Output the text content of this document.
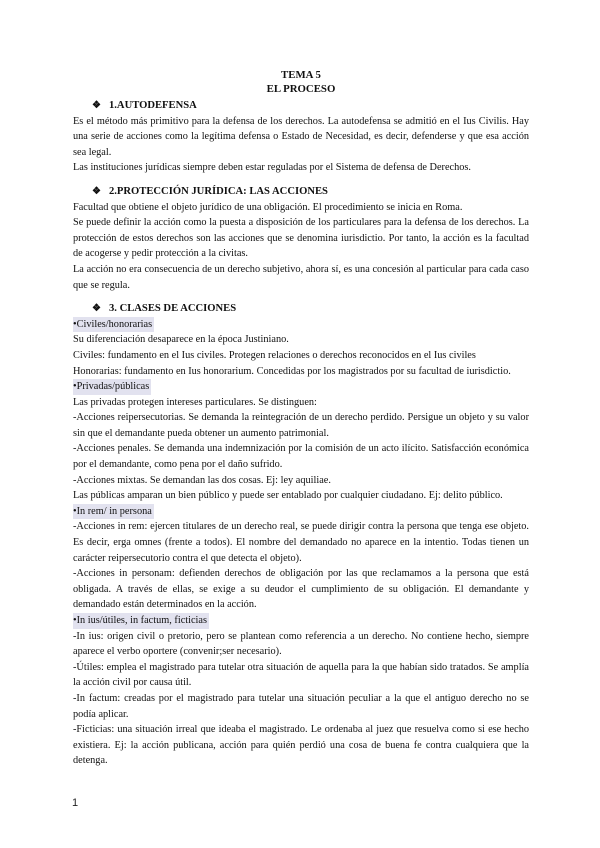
TEMA 5
EL PROCESO
❖ 1.AUTODEFENSA

Es el método más primitivo para la defensa de los derechos. La autodefensa se admitió en el Ius Civilis. Hay una serie de acciones como la legítima defensa o Estado de Necesidad, es decir, defenderse y que esa acción sea legal.

Las instituciones jurídicas siempre deben estar reguladas por el Sistema de defensa de Derechos.

❖ 2.PROTECCIÓN JURÍDICA: LAS ACCIONES

Facultad que obtiene el objeto jurídico de una obligación. El procedimiento se inicia en Roma.

Se puede definir la acción como la puesta a disposición de los particulares para la defensa de los derechos. La protección de estos derechos son las acciones que se denomina iurisdictio. Por tanto, la acción es la facultad de acogerse y pedir protección a la civitas.

La acción no era consecuencia de un derecho subjetivo, ahora sí, es una concesión al particular para cada caso que se regula.

❖ 3. CLASES DE ACCIONES

•Civiles/honorarias

Su diferenciación desaparece en la época Justiniano.

Civiles: fundamento en el Ius civiles. Protegen relaciones o derechos reconocidos en el Ius civiles

Honorarias: fundamento en Ius honorarium. Concedidas por los magistrados por su facultad de iurisdictio.

•Privadas/públicas

Las privadas protegen intereses particulares. Se distinguen:

-Acciones reipersecutorias. Se demanda la reintegración de un derecho perdido. Persigue un objeto y su valor sin que el demandante pueda obtener un aumento patrimonial.

-Acciones penales. Se demanda una indemnización por la comisión de un acto ilícito. Satisfacción económica por el demandante, como pena por el daño sufrido.

-Acciones mixtas. Se demandan las dos cosas. Ej: ley aquiliae.

Las públicas amparan un bien público y puede ser entablado por cualquier ciudadano. Ej: delito público.

•In rem/ in persona

-Acciones in rem: ejercen titulares de un derecho real, se puede dirigir contra la persona que tenga ese objeto. Es decir, erga omnes (frente a todos). El nombre del demandado no aparece en la intentio. Todas tienen un carácter reipersecutorio contra el que detecta el objeto).

-Acciones in personam: defienden derechos de obligación por las que reclamamos a la persona que está obligada. A través de ellas, se exige a su deudor el cumplimiento de su obligación. El demandante y demandado están determinados en la acción.

•In ius/útiles, in factum, ficticias

-In ius: origen civil o pretorio, pero se plantean como referencia a un derecho. No contiene hecho, siempre aparece el verbo oportere (convenir;ser necesario).

-Útiles: emplea el magistrado para tutelar otra situación de aquella para la que habían sido tratados. Se amplía la acción civil por causa útil.

-In factum: creadas por el magistrado para tutelar una situación peculiar a la que el antiguo derecho no se podía aplicar.

-Ficticias: una situación irreal que ideaba el magistrado. Le ordenaba al juez que resuelva como si ese hecho existiera. Ej: la acción publicana, acción para quién perdió una cosa de buena fe contra cualquiera que la detenga.

1
